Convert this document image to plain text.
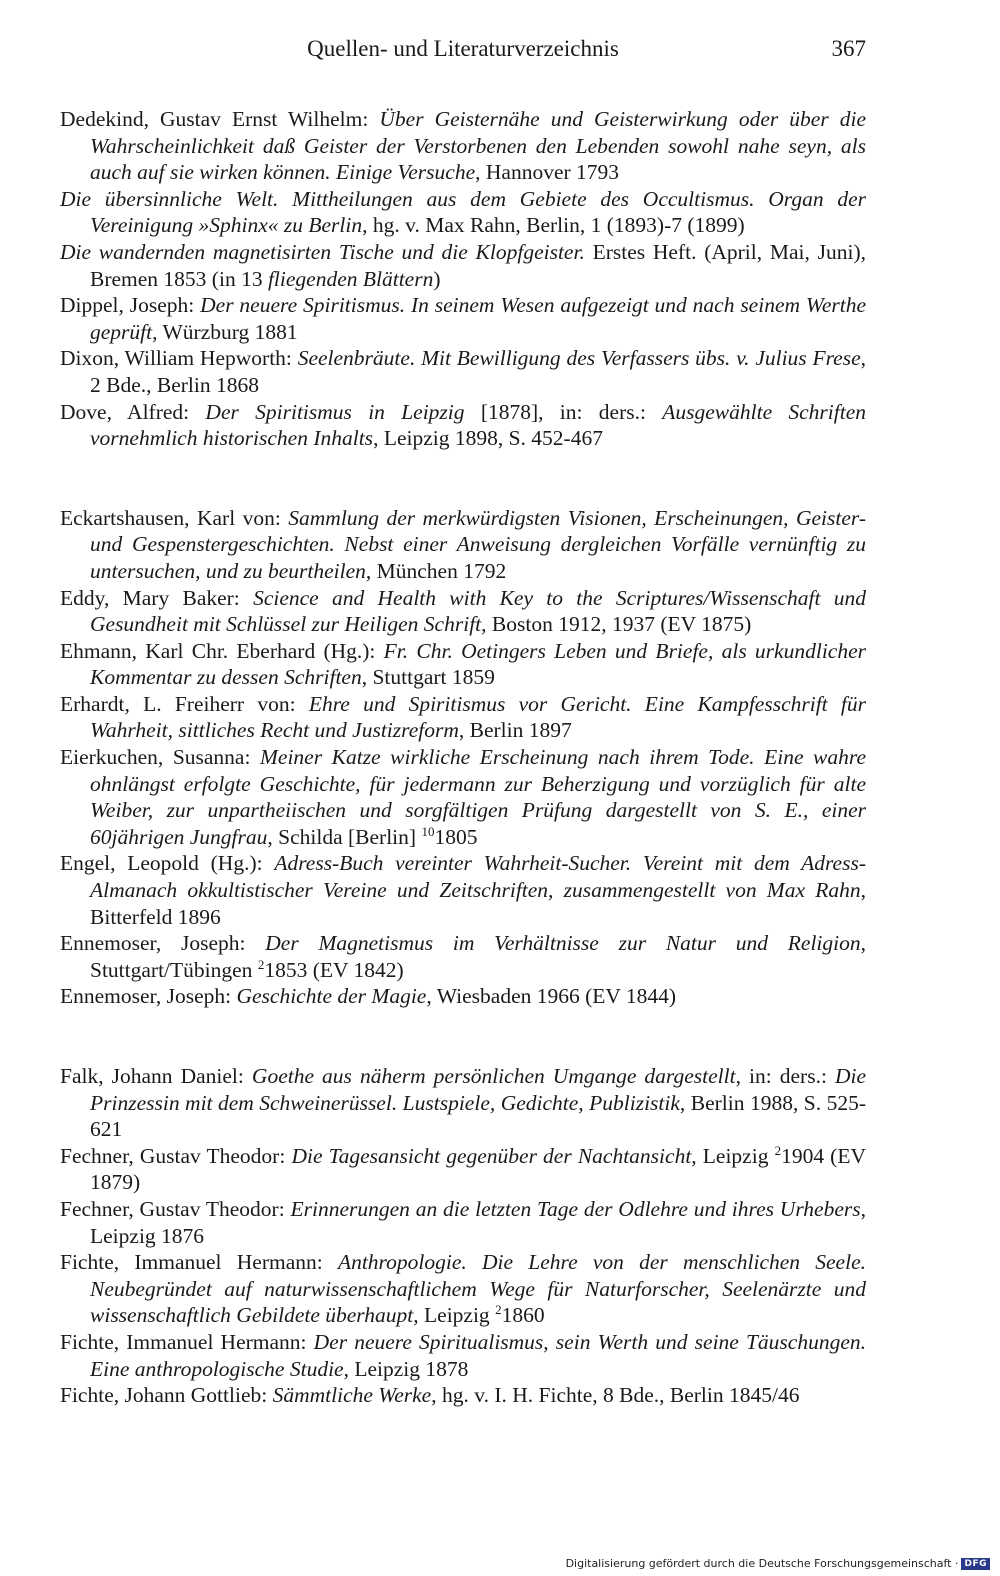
Quellen- und Literaturverzeichnis	367

Dedekind, Gustav Ernst Wilhelm: Über Geisternähe und Geisterwirkung oder über die Wahrscheinlichkeit daß Geister der Verstorbenen den Lebenden sowohl nahe seyn, als auch auf sie wirken können. Einige Versuche, Hannover 1793

Die übersinnliche Welt. Mittheilungen aus dem Gebiete des Occultismus. Organ der Vereinigung »Sphinx« zu Berlin, hg. v. Max Rahn, Berlin, 1 (1893)-7 (1899)

Die wandernden magnetisirten Tische und die Klopfgeister. Erstes Heft. (April, Mai, Juni), Bremen 1853 (in 13 fliegenden Blättern)

Dippel, Joseph: Der neuere Spiritismus. In seinem Wesen aufgezeigt und nach seinem Werthe geprüft, Würzburg 1881

Dixon, William Hepworth: Seelenbräute. Mit Bewilligung des Verfassers übs. v. Julius Frese, 2 Bde., Berlin 1868

Dove, Alfred: Der Spiritismus in Leipzig [1878], in: ders.: Ausgewählte Schriften vornehmlich historischen Inhalts, Leipzig 1898, S. 452-467

Eckartshausen, Karl von: Sammlung der merkwürdigsten Visionen, Erscheinungen, Geister- und Gespenstergeschichten. Nebst einer Anweisung dergleichen Vorfälle vernünftig zu untersuchen, und zu beurtheilen, München 1792

Eddy, Mary Baker: Science and Health with Key to the Scriptures/Wissenschaft und Gesundheit mit Schlüssel zur Heiligen Schrift, Boston 1912, 1937 (EV 1875)

Ehmann, Karl Chr. Eberhard (Hg.): Fr. Chr. Oetingers Leben und Briefe, als urkundlicher Kommentar zu dessen Schriften, Stuttgart 1859

Erhardt, L. Freiherr von: Ehre und Spiritismus vor Gericht. Eine Kampfesschrift für Wahrheit, sittliches Recht und Justizreform, Berlin 1897

Eierkuchen, Susanna: Meiner Katze wirkliche Erscheinung nach ihrem Tode. Eine wahre ohnlängst erfolgte Geschichte, für jedermann zur Beherzigung und vorzüglich für alte Weiber, zur unpartheiischen und sorgfältigen Prüfung dargestellt von S. E., einer 60jährigen Jungfrau, Schilda [Berlin] $^{10}$1805

Engel, Leopold (Hg.): Adress-Buch vereinter Wahrheit-Sucher. Vereint mit dem Adress-Almanach okkultistischer Vereine und Zeitschriften, zusammengestellt von Max Rahn, Bitterfeld 1896

Ennemoser, Joseph: Der Magnetismus im Verhältnisse zur Natur und Religion, Stuttgart/Tübingen $^2$1853 (EV 1842)

Ennemoser, Joseph: Geschichte der Magie, Wiesbaden 1966 (EV 1844)

Falk, Johann Daniel: Goethe aus näherm persönlichen Umgange dargestellt, in: ders.: Die Prinzessin mit dem Schweinerüssel. Lustspiele, Gedichte, Publizistik, Berlin 1988, S. 525-621

Fechner, Gustav Theodor: Die Tagesansicht gegenüber der Nachtansicht, Leipzig $^2$1904 (EV 1879)

Fechner, Gustav Theodor: Erinnerungen an die letzten Tage der Odlehre und ihres Urhebers, Leipzig 1876

Fichte, Immanuel Hermann: Anthropologie. Die Lehre von der menschlichen Seele. Neubegründet auf naturwissenschaftlichem Wege für Naturforscher, Seelenärzte und wissenschaftlich Gebildete überhaupt, Leipzig $^2$1860

Fichte, Immanuel Hermann: Der neuere Spiritualismus, sein Werth und seine Täuschungen. Eine anthropologische Studie, Leipzig 1878

Fichte, Johann Gottlieb: Sämmtliche Werke, hg. v. I. H. Fichte, 8 Bde., Berlin 1845/46

Digitalisierung gefördert durch die Deutsche Forschungsgemeinschaft · DFG
